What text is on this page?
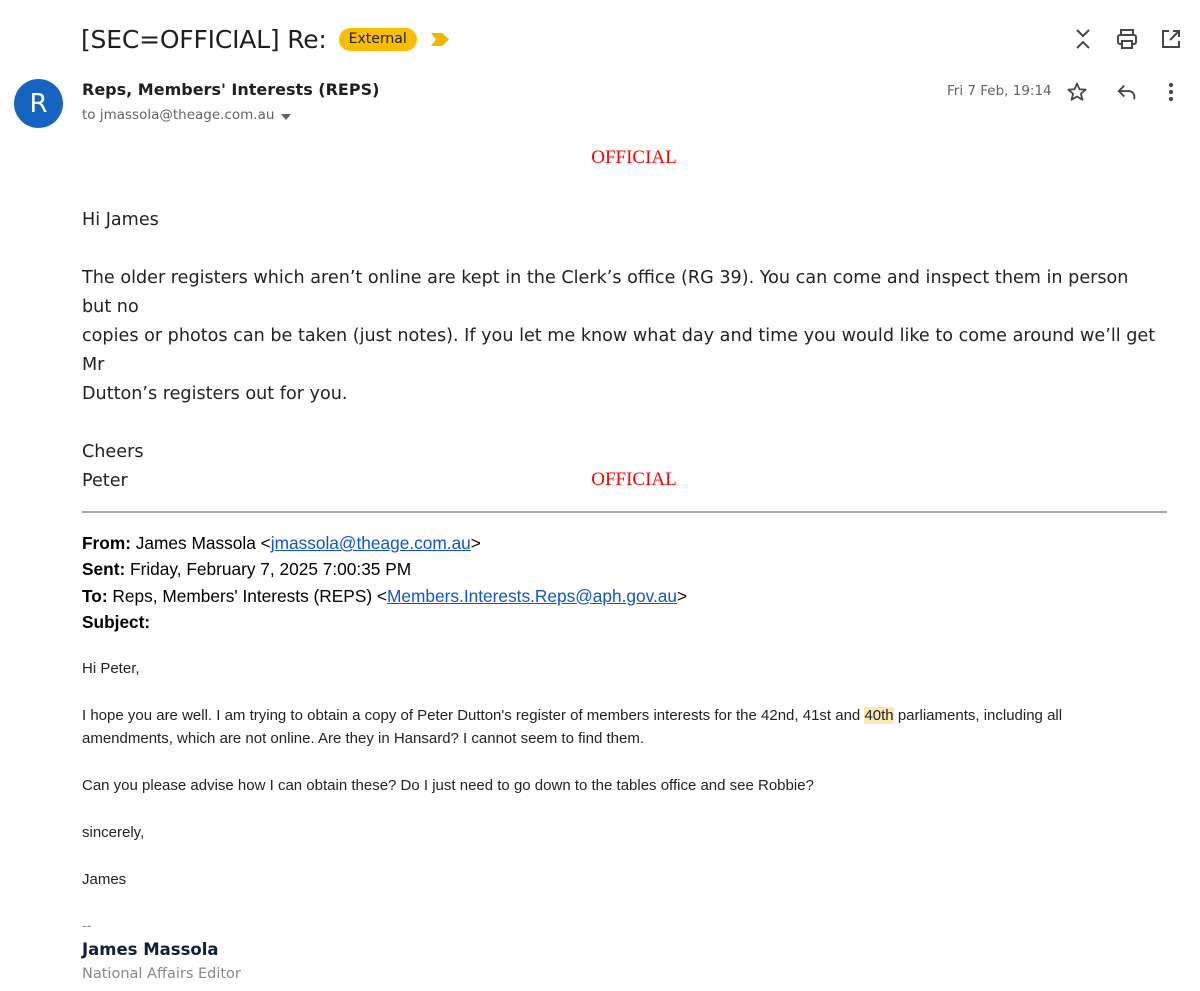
[SEC=OFFICIAL] Re:	External
R	Reps, Members' Interests (REPS)
to jmassola@theage.com.au
Fri 7 Feb, 19:14
OFFICIAL
Hi James
The older registers which aren’t online are kept in the Clerk’s office (RG 39). You can come and inspect them in person but no
copies or photos can be taken (just notes). If you let me know what day and time you would like to come around we’ll get Mr
Dutton’s registers out for you.
Cheers
Peter	OFFICIAL
From: James Massola <jmassola@theage.com.au>
Sent: Friday, February 7, 2025 7:00:35 PM
To: Reps, Members' Interests (REPS) <Members.Interests.Reps@aph.gov.au>
Subject:
Hi Peter,
I hope you are well. I am trying to obtain a copy of Peter Dutton's register of members interests for the 42nd, 41st and 40th parliaments, including all
amendments, which are not online. Are they in Hansard? I cannot seem to find them.
Can you please advise how I can obtain these? Do I just need to go down to the tables office and see Robbie?
sincerely,
James
--
James Massola
National Affairs Editor
